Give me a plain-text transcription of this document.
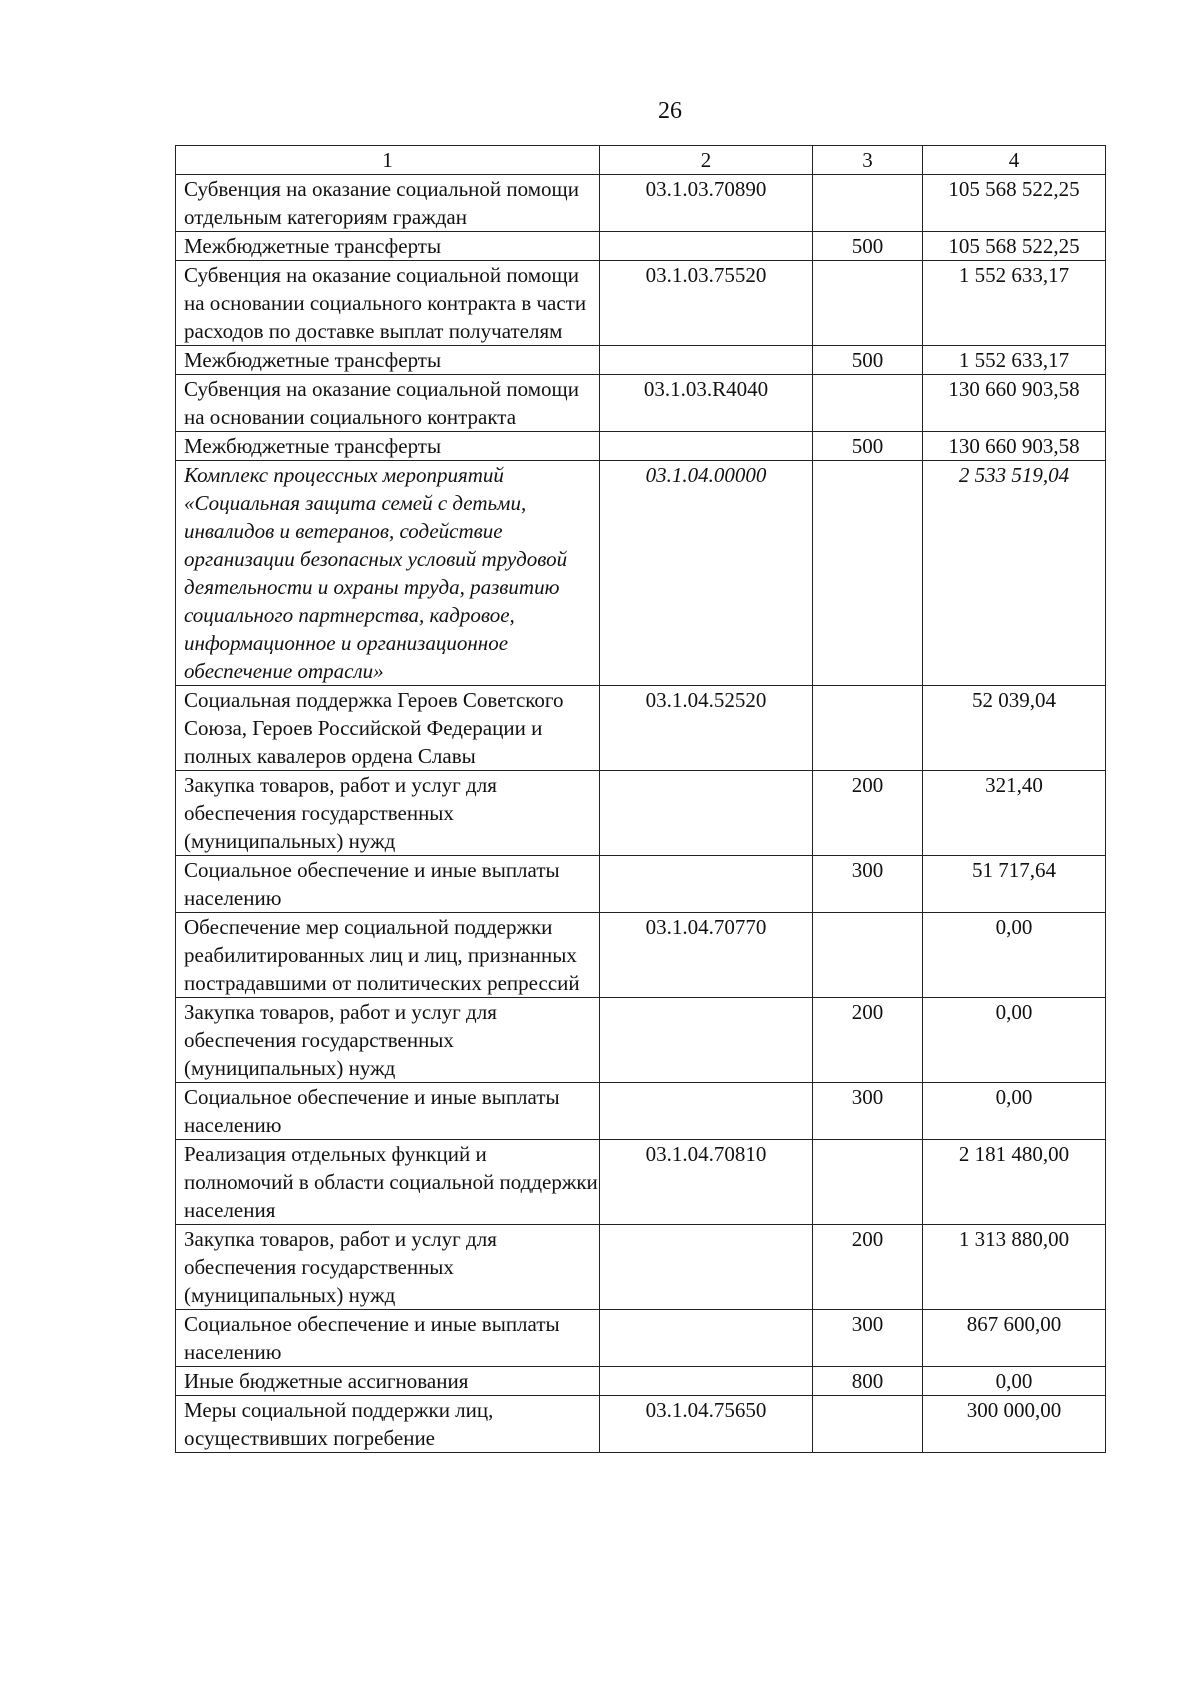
26
1	2	3	4
Субвенция на оказание социальной помощи отдельным категориям граждан	03.1.03.70890		105 568 522,25
Межбюджетные трансферты		500	105 568 522,25
Субвенция на оказание социальной помощи на основании социального контракта в части расходов по доставке выплат получателям	03.1.03.75520		1 552 633,17
Межбюджетные трансферты		500	1 552 633,17
Субвенция на оказание социальной помощи на основании социального контракта	03.1.03.R4040		130 660 903,58
Межбюджетные трансферты		500	130 660 903,58
Комплекс процессных мероприятий «Социальная защита семей с детьми, инвалидов и ветеранов, содействие организации безопасных условий трудовой деятельности и охраны труда, развитию социального партнерства, кадровое, информационное и организационное обеспечение отрасли»	03.1.04.00000		2 533 519,04
Социальная поддержка Героев Советского Союза, Героев Российской Федерации и полных кавалеров ордена Славы	03.1.04.52520		52 039,04
Закупка товаров, работ и услуг для обеспечения государственных (муниципальных) нужд		200	321,40
Социальное обеспечение и иные выплаты населению		300	51 717,64
Обеспечение мер социальной поддержки реабилитированных лиц и лиц, признанных пострадавшими от политических репрессий	03.1.04.70770		0,00
Закупка товаров, работ и услуг для обеспечения государственных (муниципальных) нужд		200	0,00
Социальное обеспечение и иные выплаты населению		300	0,00
Реализация отдельных функций и полномочий в области социальной поддержки населения	03.1.04.70810		2 181 480,00
Закупка товаров, работ и услуг для обеспечения государственных (муниципальных) нужд		200	1 313 880,00
Социальное обеспечение и иные выплаты населению		300	867 600,00
Иные бюджетные ассигнования		800	0,00
Меры социальной поддержки лиц, осуществивших погребение	03.1.04.75650		300 000,00
